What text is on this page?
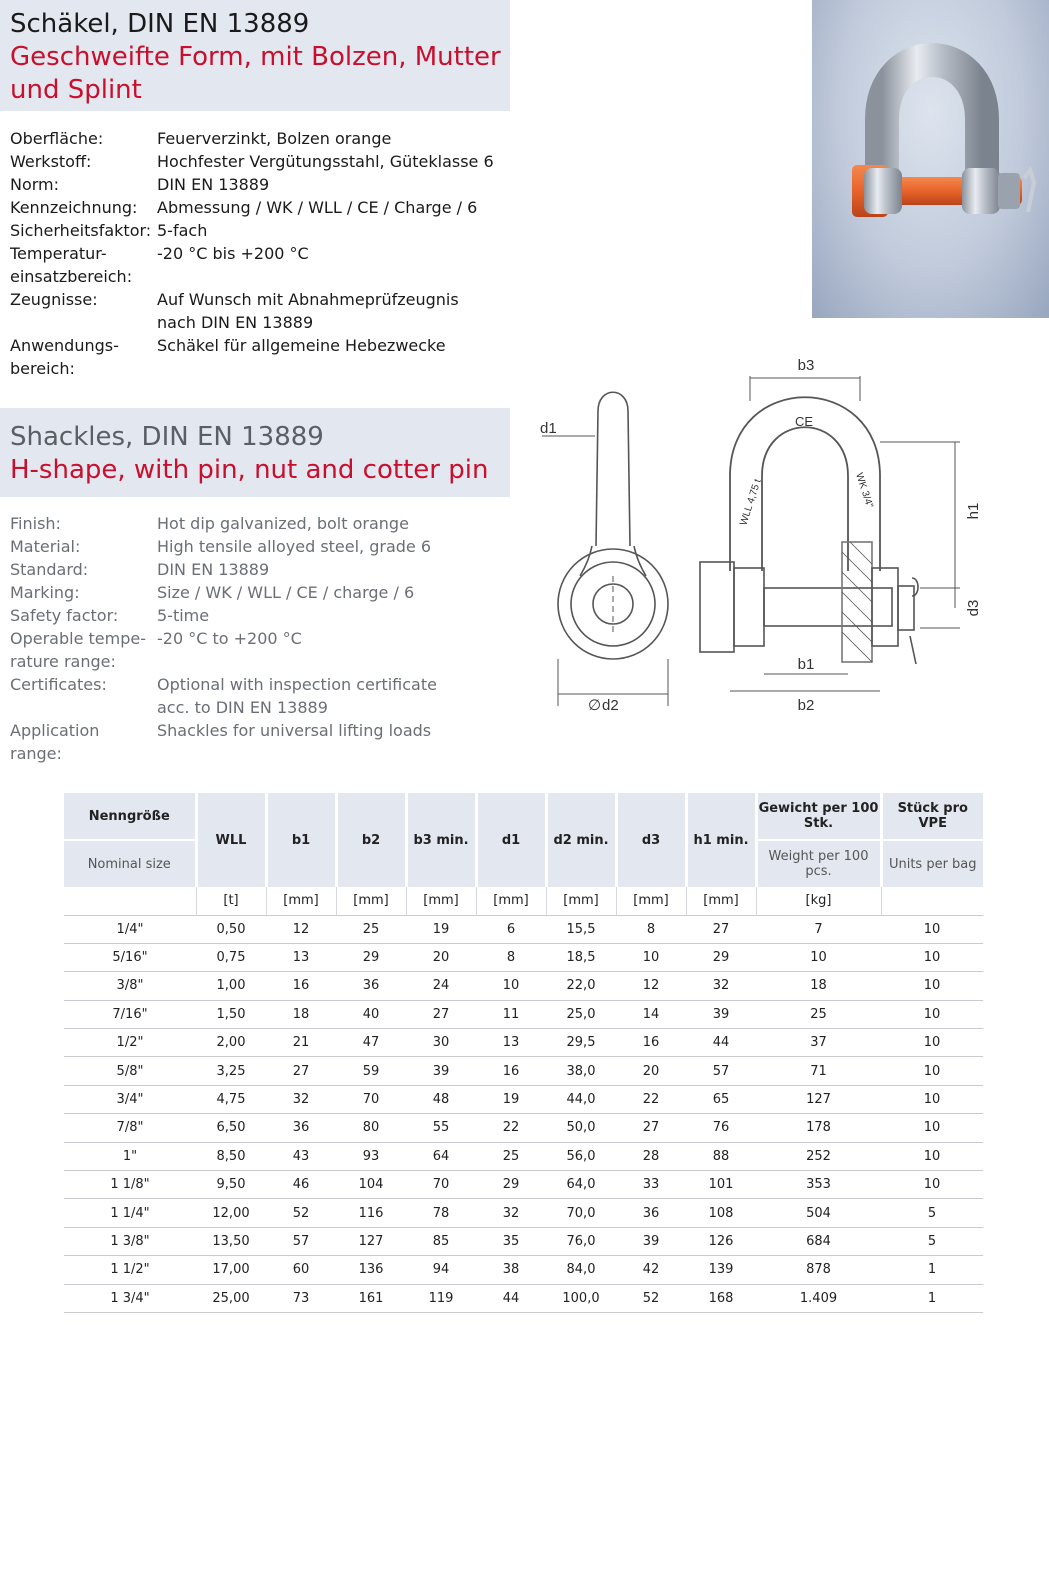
Schäkel, DIN EN 13889
Geschweifte Form, mit Bolzen, Mutter
und Splint
Oberfläche:	Feuerverzinkt, Bolzen orange
Werkstoff:	Hochfester Vergütungsstahl, Güteklasse 6
Norm:	DIN EN 13889
Kennzeichnung:	Abmessung / WK / WLL / CE / Charge / 6
Sicherheitsfaktor: 5-fach
Temperatur-
einsatzbereich:
-20 °C bis +200 °C
Zeugnisse:	Auf Wunsch mit Abnahmeprüfzeugnis
nach DIN EN 13889
Anwendungs-
bereich:
Schäkel für allgemeine Hebezwecke
b3
d1
h1
d3
b1
b2
∅ d2
CE
WLL 4,75 t	WK 3/4"
Shackles, DIN EN 13889
H-shape, with pin, nut and cotter pin
Finish:	Hot dip galvanized, bolt orange
Material:	High tensile alloyed steel, grade 6
Standard:	DIN EN 13889
Marking:	Size / WK / WLL / CE / charge / 6
Safety factor:	5-time
Operable tempe-
rature range:
-20 °C to +200 °C
Certificates:	Optional with inspection certificate
acc. to DIN EN 13889
Application
range:
Shackles for universal lifting loads
Nenngröße	WLL	b1	b2	b3 min.	d1	d2 min.	d3	h1 min.	Gewicht per 100 Stk.	Stück pro VPE
Nominal size									Weight per 100 pcs.	Units per bag
	[t]	[mm]	[mm]	[mm]	[mm]	[mm]	[mm]	[mm]	[kg]	
1/4"	0,50	12	25	19	6	15,5	8	27	7	10
5/16"	0,75	13	29	20	8	18,5	10	29	10	10
3/8"	1,00	16	36	24	10	22,0	12	32	18	10
7/16"	1,50	18	40	27	11	25,0	14	39	25	10
1/2"	2,00	21	47	30	13	29,5	16	44	37	10
5/8"	3,25	27	59	39	16	38,0	20	57	71	10
3/4"	4,75	32	70	48	19	44,0	22	65	127	10
7/8"	6,50	36	80	55	22	50,0	27	76	178	10
1"	8,50	43	93	64	25	56,0	28	88	252	10
1 1/8"	9,50	46	104	70	29	64,0	33	101	353	10
1 1/4"	12,00	52	116	78	32	70,0	36	108	504	5
1 3/8"	13,50	57	127	85	35	76,0	39	126	684	5
1 1/2"	17,00	60	136	94	38	84,0	42	139	878	1
1 3/4"	25,00	73	161	119	44	100,0	52	168	1.409	1
